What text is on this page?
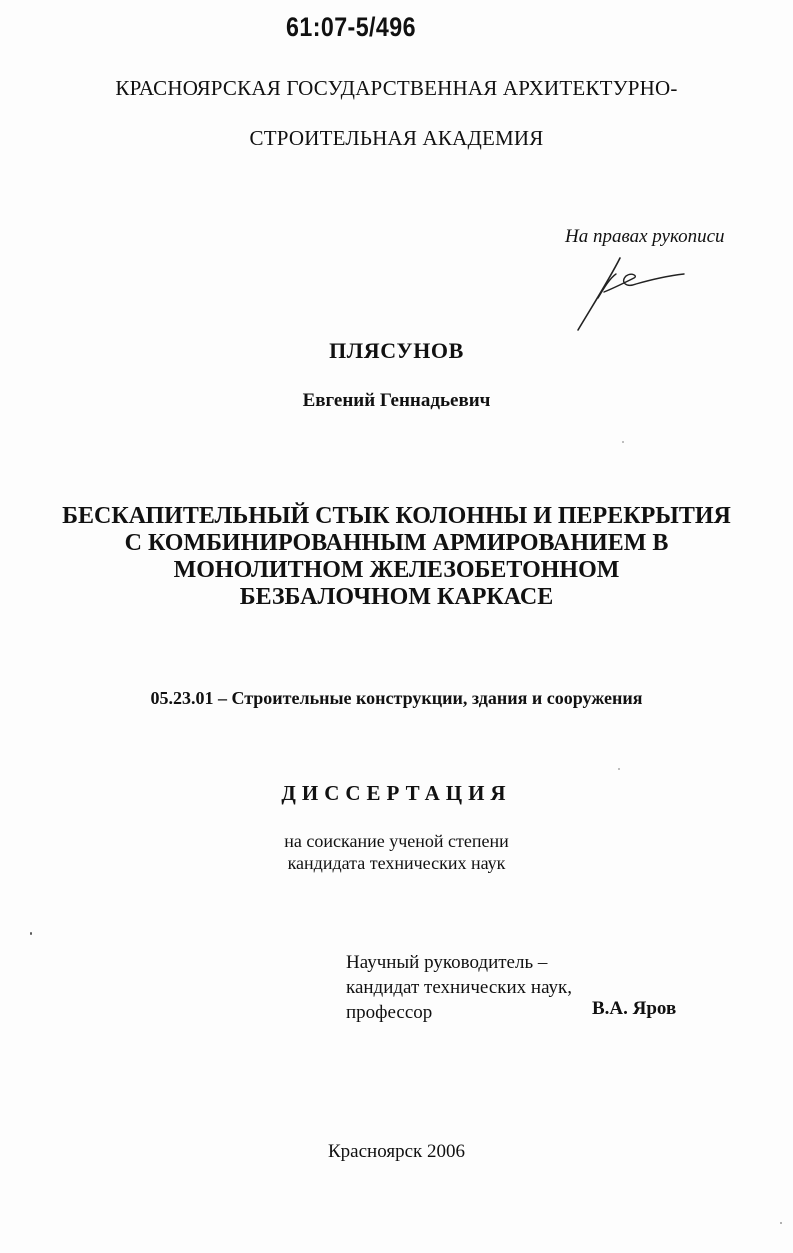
61:07-5/496
КРАСНОЯРСКАЯ ГОСУДАРСТВЕННАЯ АРХИТЕКТУРНО-
СТРОИТЕЛЬНАЯ АКАДЕМИЯ
На правах рукописи
ПЛЯСУНОВ
Евгений Геннадьевич
БЕСКАПИТЕЛЬНЫЙ СТЫК КОЛОННЫ И ПЕРЕКРЫТИЯ
С КОМБИНИРОВАННЫМ АРМИРОВАНИЕМ В
МОНОЛИТНОМ ЖЕЛЕЗОБЕТОННОМ
БЕЗБАЛОЧНОМ КАРКАСЕ
05.23.01 – Строительные конструкции, здания и сооружения
ДИССЕРТАЦИЯ
на соискание ученой степени
кандидата технических наук
Научный руководитель –
кандидат технических наук,
профессор	В.А. Яров
Красноярск 2006
